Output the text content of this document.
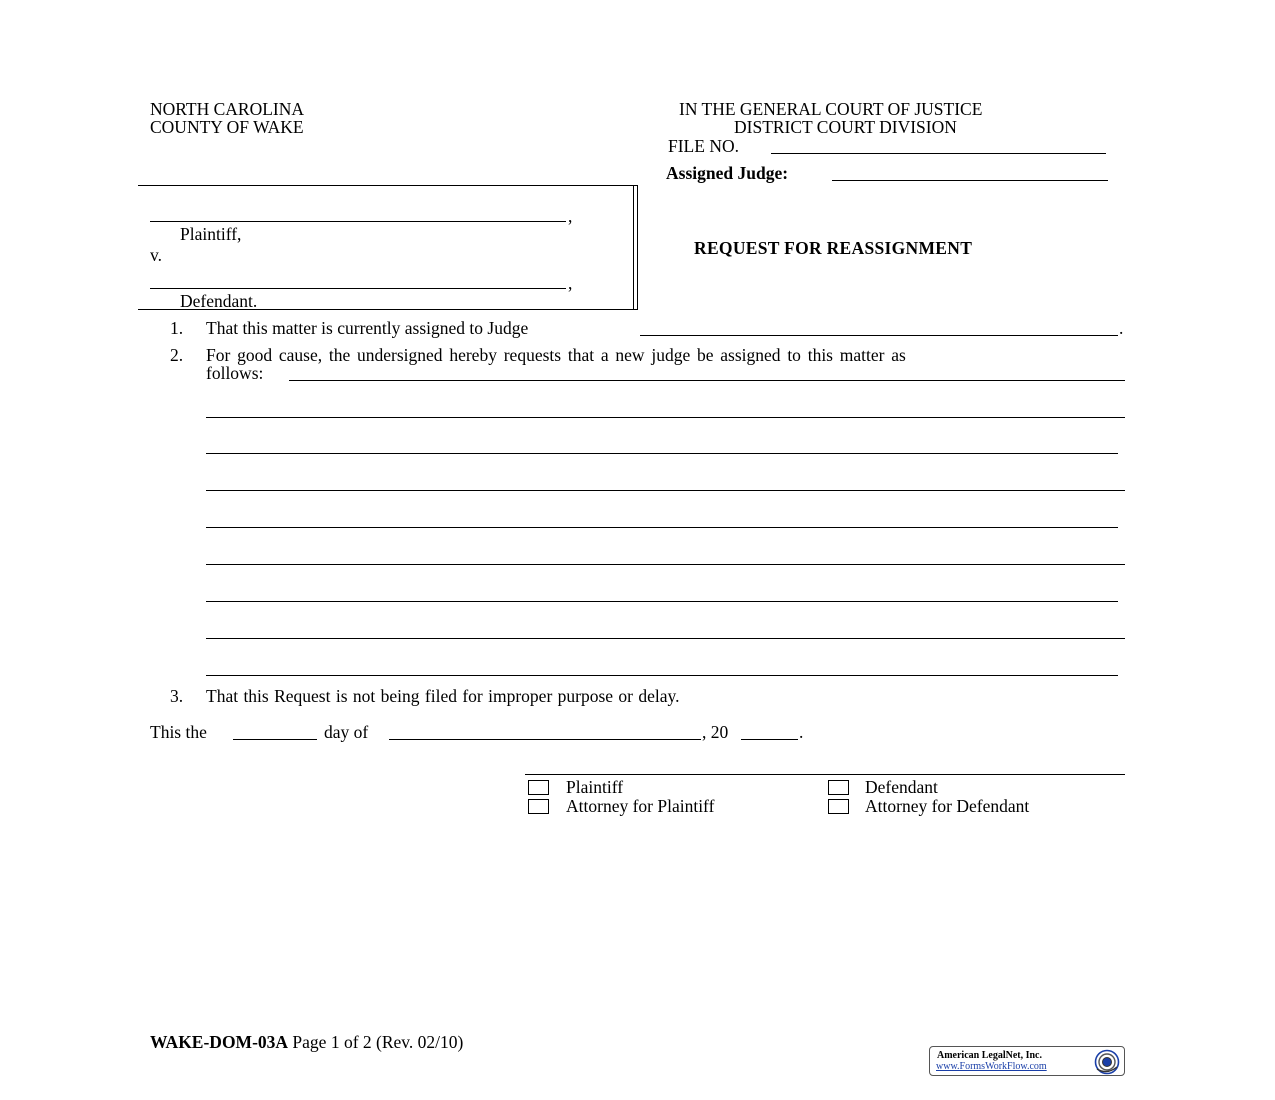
NORTH CAROLINA
COUNTY OF WAKE
IN THE GENERAL COURT OF JUSTICE
DISTRICT COURT DIVISION
FILE NO.
Assigned Judge:
,
Plaintiff,
v.
,
Defendant.
REQUEST FOR REASSIGNMENT
1. That this matter is currently assigned to Judge	.
2. For good cause, the undersigned hereby requests that a new judge be assigned to this matter as
follows:
3. That this Request is not being filed for improper purpose or delay.
This the	day of	, 20	.
Plaintiff	Defendant
Attorney for Plaintiff	Attorney for Defendant
WAKE-DOM-03A Page 1 of 2 (Rev. 02/10)
American LegalNet, Inc.
www.FormsWorkFlow.com
